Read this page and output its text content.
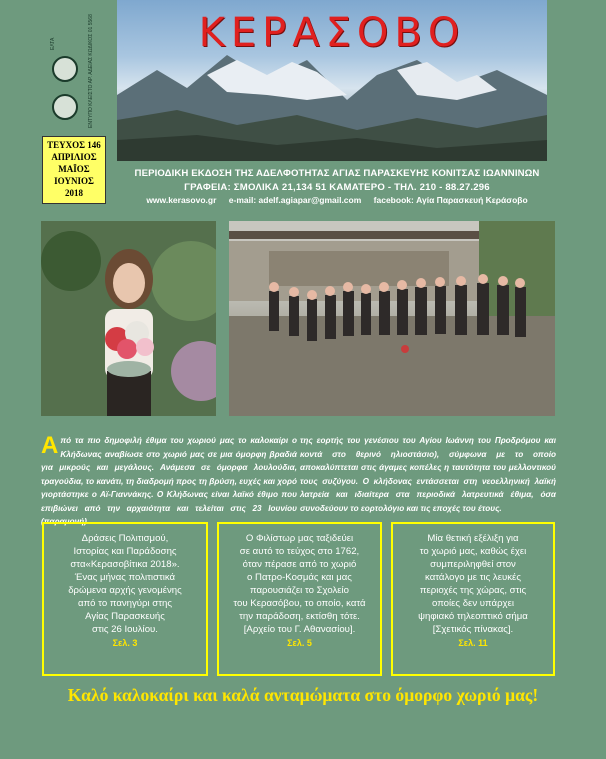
ΚΕΡΑΣΟΒΟ
ΕΛΤΑ	ΕΝΤΥΠΟ ΚΛΕΙΣΤΟ ΑΡ. ΑΔΕΙΑΣ ΚΩΔΙΚΟΣ 01 5568
ΤΕΥΧΟΣ 146
ΑΠΡΙΛΙΟΣ
ΜΑΪΟΣ
ΙΟΥΝΙΟΣ
2018
ΠΕΡΙΟΔΙΚΗ ΕΚΔΟΣΗ ΤΗΣ ΑΔΕΛΦΟΤΗΤΑΣ ΑΓΙΑΣ ΠΑΡΑΣΚΕΥΗΣ ΚΟΝΙΤΣΑΣ ΙΩΑΝΝΙΝΩΝ
ΓΡΑΦΕΙΑ: ΣΜΟΛΙΚΑ 21,134 51 ΚΑΜΑΤΕΡΟ - ΤΗΛ. 210 - 88.27.296
www.kerasovo.gr e-mail: adelf.agiapar@gmail.com facebook: Αγία Παρασκευή Κεράσοβο
Από τα πιο δημοφιλή έθιμα του χωριού μας το καλοκαίρι ο Κλήδωνας αναβίωσε στο χωριό μας σε μια όμορφη βραδιά για μικρούς και μεγάλους. Ανάμεσα σε όμορφα λουλούδια, τραγούδια, το κανάτι, τη διαδρομή προς τη βρύση, ευχές και χορό γιορτάστηκε ο Αϊ-Γιαννάκης. Ο Κλήδωνας είναι λαϊκό έθιμο που επιβιώνει από την αρχαιότητα και τελείται στις 23 Ιουνίου (παραμονή)
της εορτής του γενέσιου του Αγίου Ιωάννη του Προδρόμου και κοντά στο θερινό ηλιοστάσιο), σύμφωνα με το οποίο αποκαλύπτεται στις άγαμες κοπέλες η ταυτότητα του μελλοντικού τους συζύγου. Ο κλήδονας εντάσσεται στη νεοελληνική λαϊκή λατρεία και ιδιαίτερα στα περιοδικά λατρευτικά έθιμα, όσα συνοδεύουν το εορτολόγιο και τις εποχές του έτους.
Δράσεις Πολιτισμού,
Ιστορίας και Παράδοσης
στα«Κερασοβίτικα 2018».
Ένας μήνας πολιτιστικά
δρώμενα αρχής γενομένης
από το πανηγύρι στης
Αγίας Παρασκευής
στις 26 Ιουλίου.
Σελ. 3
Ο Φιλίστωρ μας ταξιδεύει
σε αυτό το τεύχος στο 1762,
όταν πέρασε από το χωριό
ο Πατρο-Κοσμάς και μας
παρουσιάζει το Σχολείο
του Κερασόβου, το οποίο, κατά
την παράδοση, εκτίσθη τότε.
[Αρχείο του Γ. Αθανασίου].
Σελ. 5
Μία θετική εξέλιξη για
το χωριό μας, καθώς έχει
συμπεριληφθεί στον
κατάλογο με τις λευκές
περιοχές της χώρας, στις
οποίες δεν υπάρχει
ψηφιακό τηλεοπτικό σήμα
[Σχετικός πίνακας].
Σελ. 11
Καλό καλοκαίρι και καλά ανταμώματα στο όμορφο χωριό μας!
